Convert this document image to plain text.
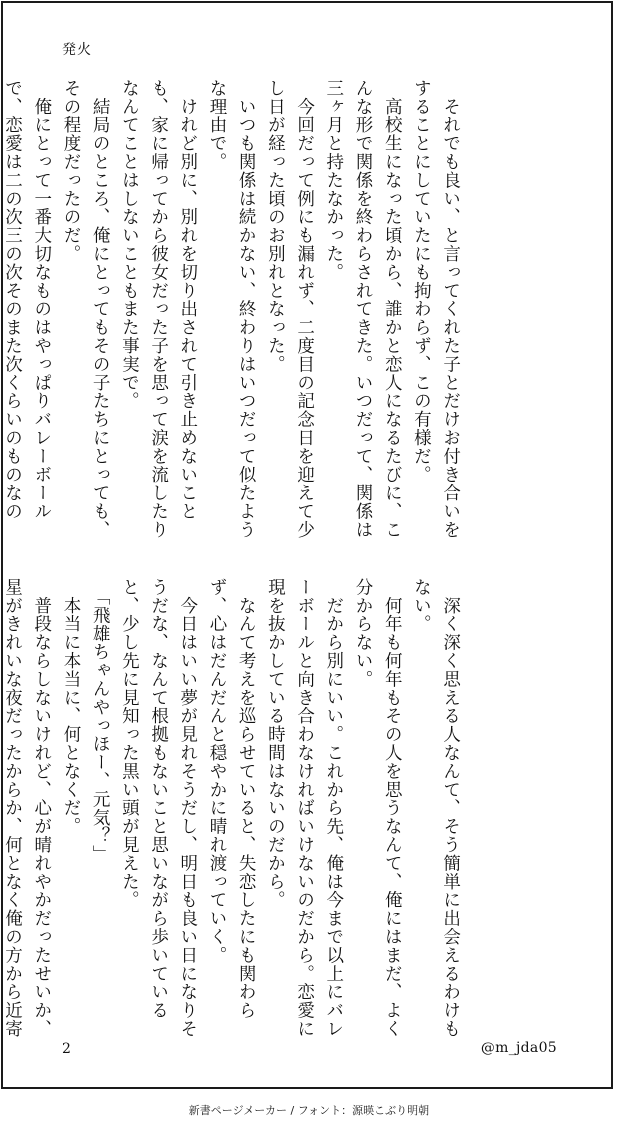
発火

　それでも良い、と言ってくれた子とだけお付き合いをすることにしていたにも拘わらず、この有様だ。
　高校生になった頃から、誰かと恋人になるたびに、こんな形で関係を終わらされてきた。いつだって、関係は三ヶ月と持たなかった。
　今回だって例にも漏れず、二度目の記念日を迎えて少し日が経った頃のお別れとなった。
　いつも関係は続かない、終わりはいつだって似たような理由で。
　けれど別に、別れを切り出されて引き止めないことも、家に帰ってから彼女だった子を思って涙を流したりなんてことはしないこともまた事実で。
　結局のところ、俺にとってもその子たちにとっても、その程度だったのだ。
　俺にとって一番大切なものはやっぱりバレーボールで、恋愛は二の次三の次そのまた次くらいのものなの

　深く深く思える人なんて、そう簡単に出会えるわけもない。
　何年も何年もその人を思うなんて、俺にはまだ、よく分からない。
　だから別にいい。これから先、俺は今まで以上にバレーボールと向き合わなければいけないのだから。恋愛に現を抜かしている時間はないのだから。
　なんて考えを巡らせていると、失恋したにも関わらず、心はだんだんと穏やかに晴れ渡っていく。
　今日はいい夢が見れそうだし、明日も良い日になりそうだな、なんて根拠もないこと思いながら歩いていると、少し先に見知った黒い頭が見えた。
　「飛雄ちゃんやっほー、元気？」
　本当に本当に、何となくだ。
　普段ならしないけれど、心が晴れやかだったせいか、星がきれいな夜だったからか、何となく俺の方から近寄

2	@m_jda05
新書ページメーカー / フォント：源暎こぶり明朝
